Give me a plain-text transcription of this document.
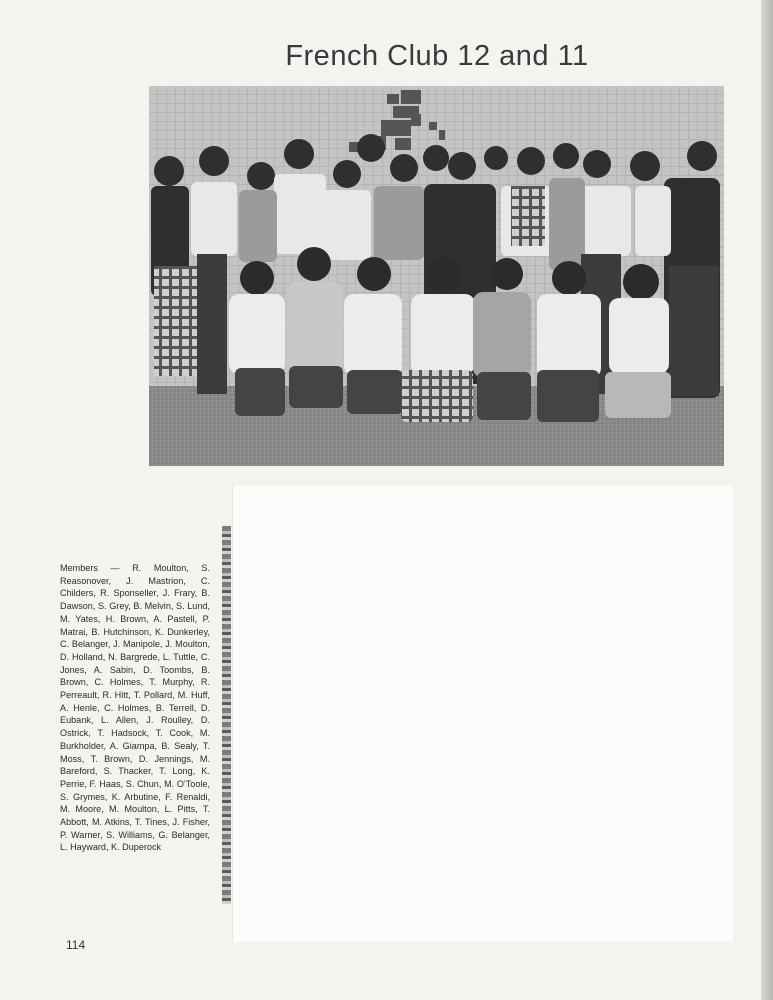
French Club 12 and 11
Members — R. Moulton, S. Reasonover, J. Mastrion, C. Childers, R. Sponseller, J. Frary, B. Dawson, S. Grey, B. Melvin, S. Lund, M. Yates, H. Brown, A. Pastell, P. Matrai, B. Hutchinson, K. Dunkerley, C. Belanger, J. Manipole, J. Moulton, D. Holland, N. Bargrede, L. Tuttle, C. Jones, A. Sabin, D. Toombs, B. Brown, C. Holmes, T. Murphy, R. Perreault, R. Hitt, T. Pollard, M. Huff, A. Henle, C. Holmes, B. Terrell, D. Eubank, L. Allen, J. Roulley, D. Ostrick, T. Hadsock, T. Cook, M. Burkholder, A. Giampa, B. Sealy, T. Moss, T. Brown, D. Jennings, M. Bareford, S. Thacker, T. Long, K. Perrie, F. Haas, S. Chun, M. O'Toole, S. Grymes, K. Arbutine, F. Renaldi, M. Moore, M. Moulton, L. Pitts, T. Abbott, M. Atkins, T. Tines, J. Fisher, P. Warner, S. Williams, G. Belanger, L. Hayward, K. Duperock
114
